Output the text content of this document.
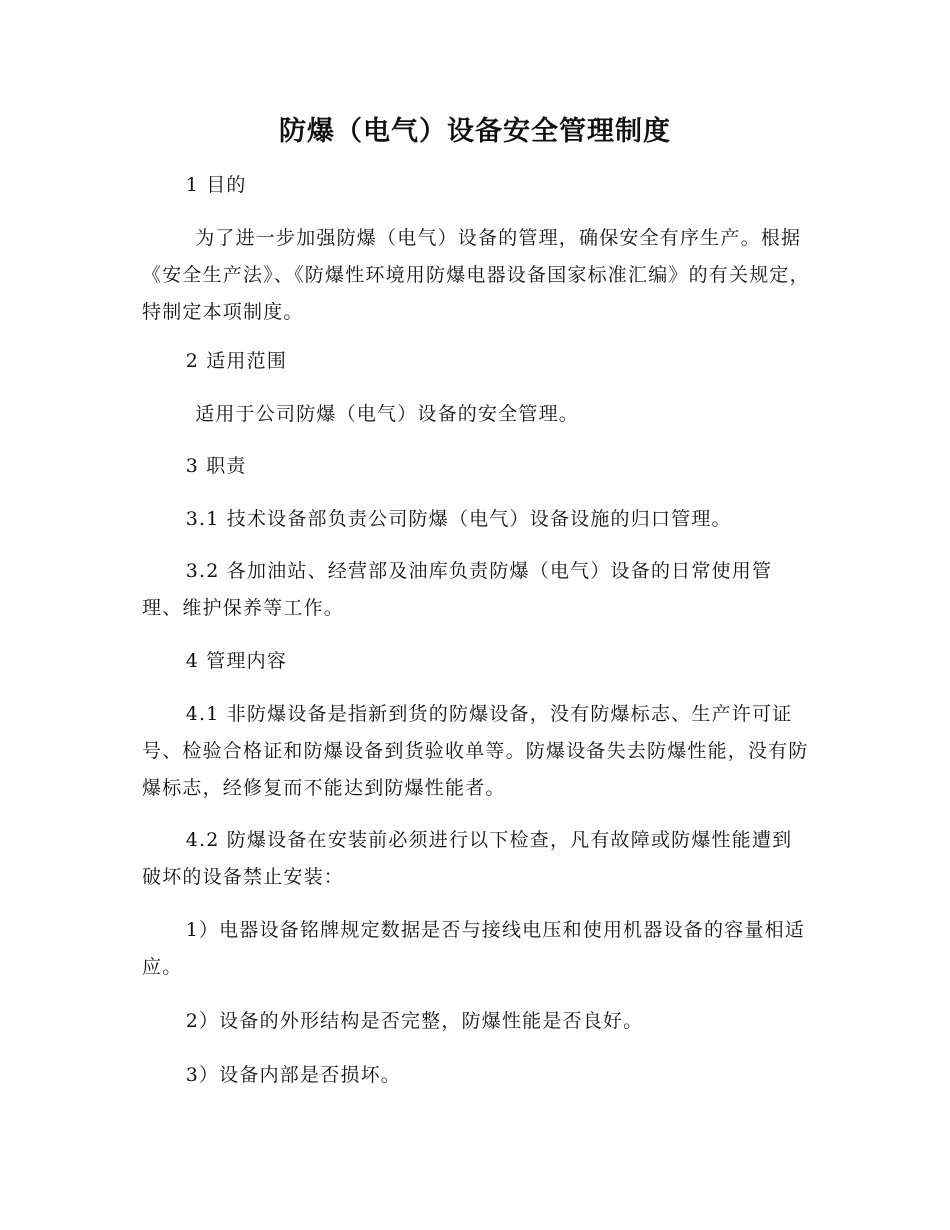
防爆（电气）设备安全管理制度

1 目的

为了进一步加强防爆（电气）设备的管理，确保安全有序生产。根据《安全生产法》、《防爆性环境用防爆电器设备国家标准汇编》的有关规定，特制定本项制度。

2 适用范围

适用于公司防爆（电气）设备的安全管理。

3 职责

3.1 技术设备部负责公司防爆（电气）设备设施的归口管理。

3.2 各加油站、经营部及油库负责防爆（电气）设备的日常使用管理、维护保养等工作。

4 管理内容

4.1 非防爆设备是指新到货的防爆设备，没有防爆标志、生产许可证号、检验合格证和防爆设备到货验收单等。防爆设备失去防爆性能，没有防爆标志，经修复而不能达到防爆性能者。

4.2 防爆设备在安装前必须进行以下检查，凡有故障或防爆性能遭到破坏的设备禁止安装：

1）电器设备铭牌规定数据是否与接线电压和使用机器设备的容量相适应。

2）设备的外形结构是否完整，防爆性能是否良好。

3）设备内部是否损坏。
